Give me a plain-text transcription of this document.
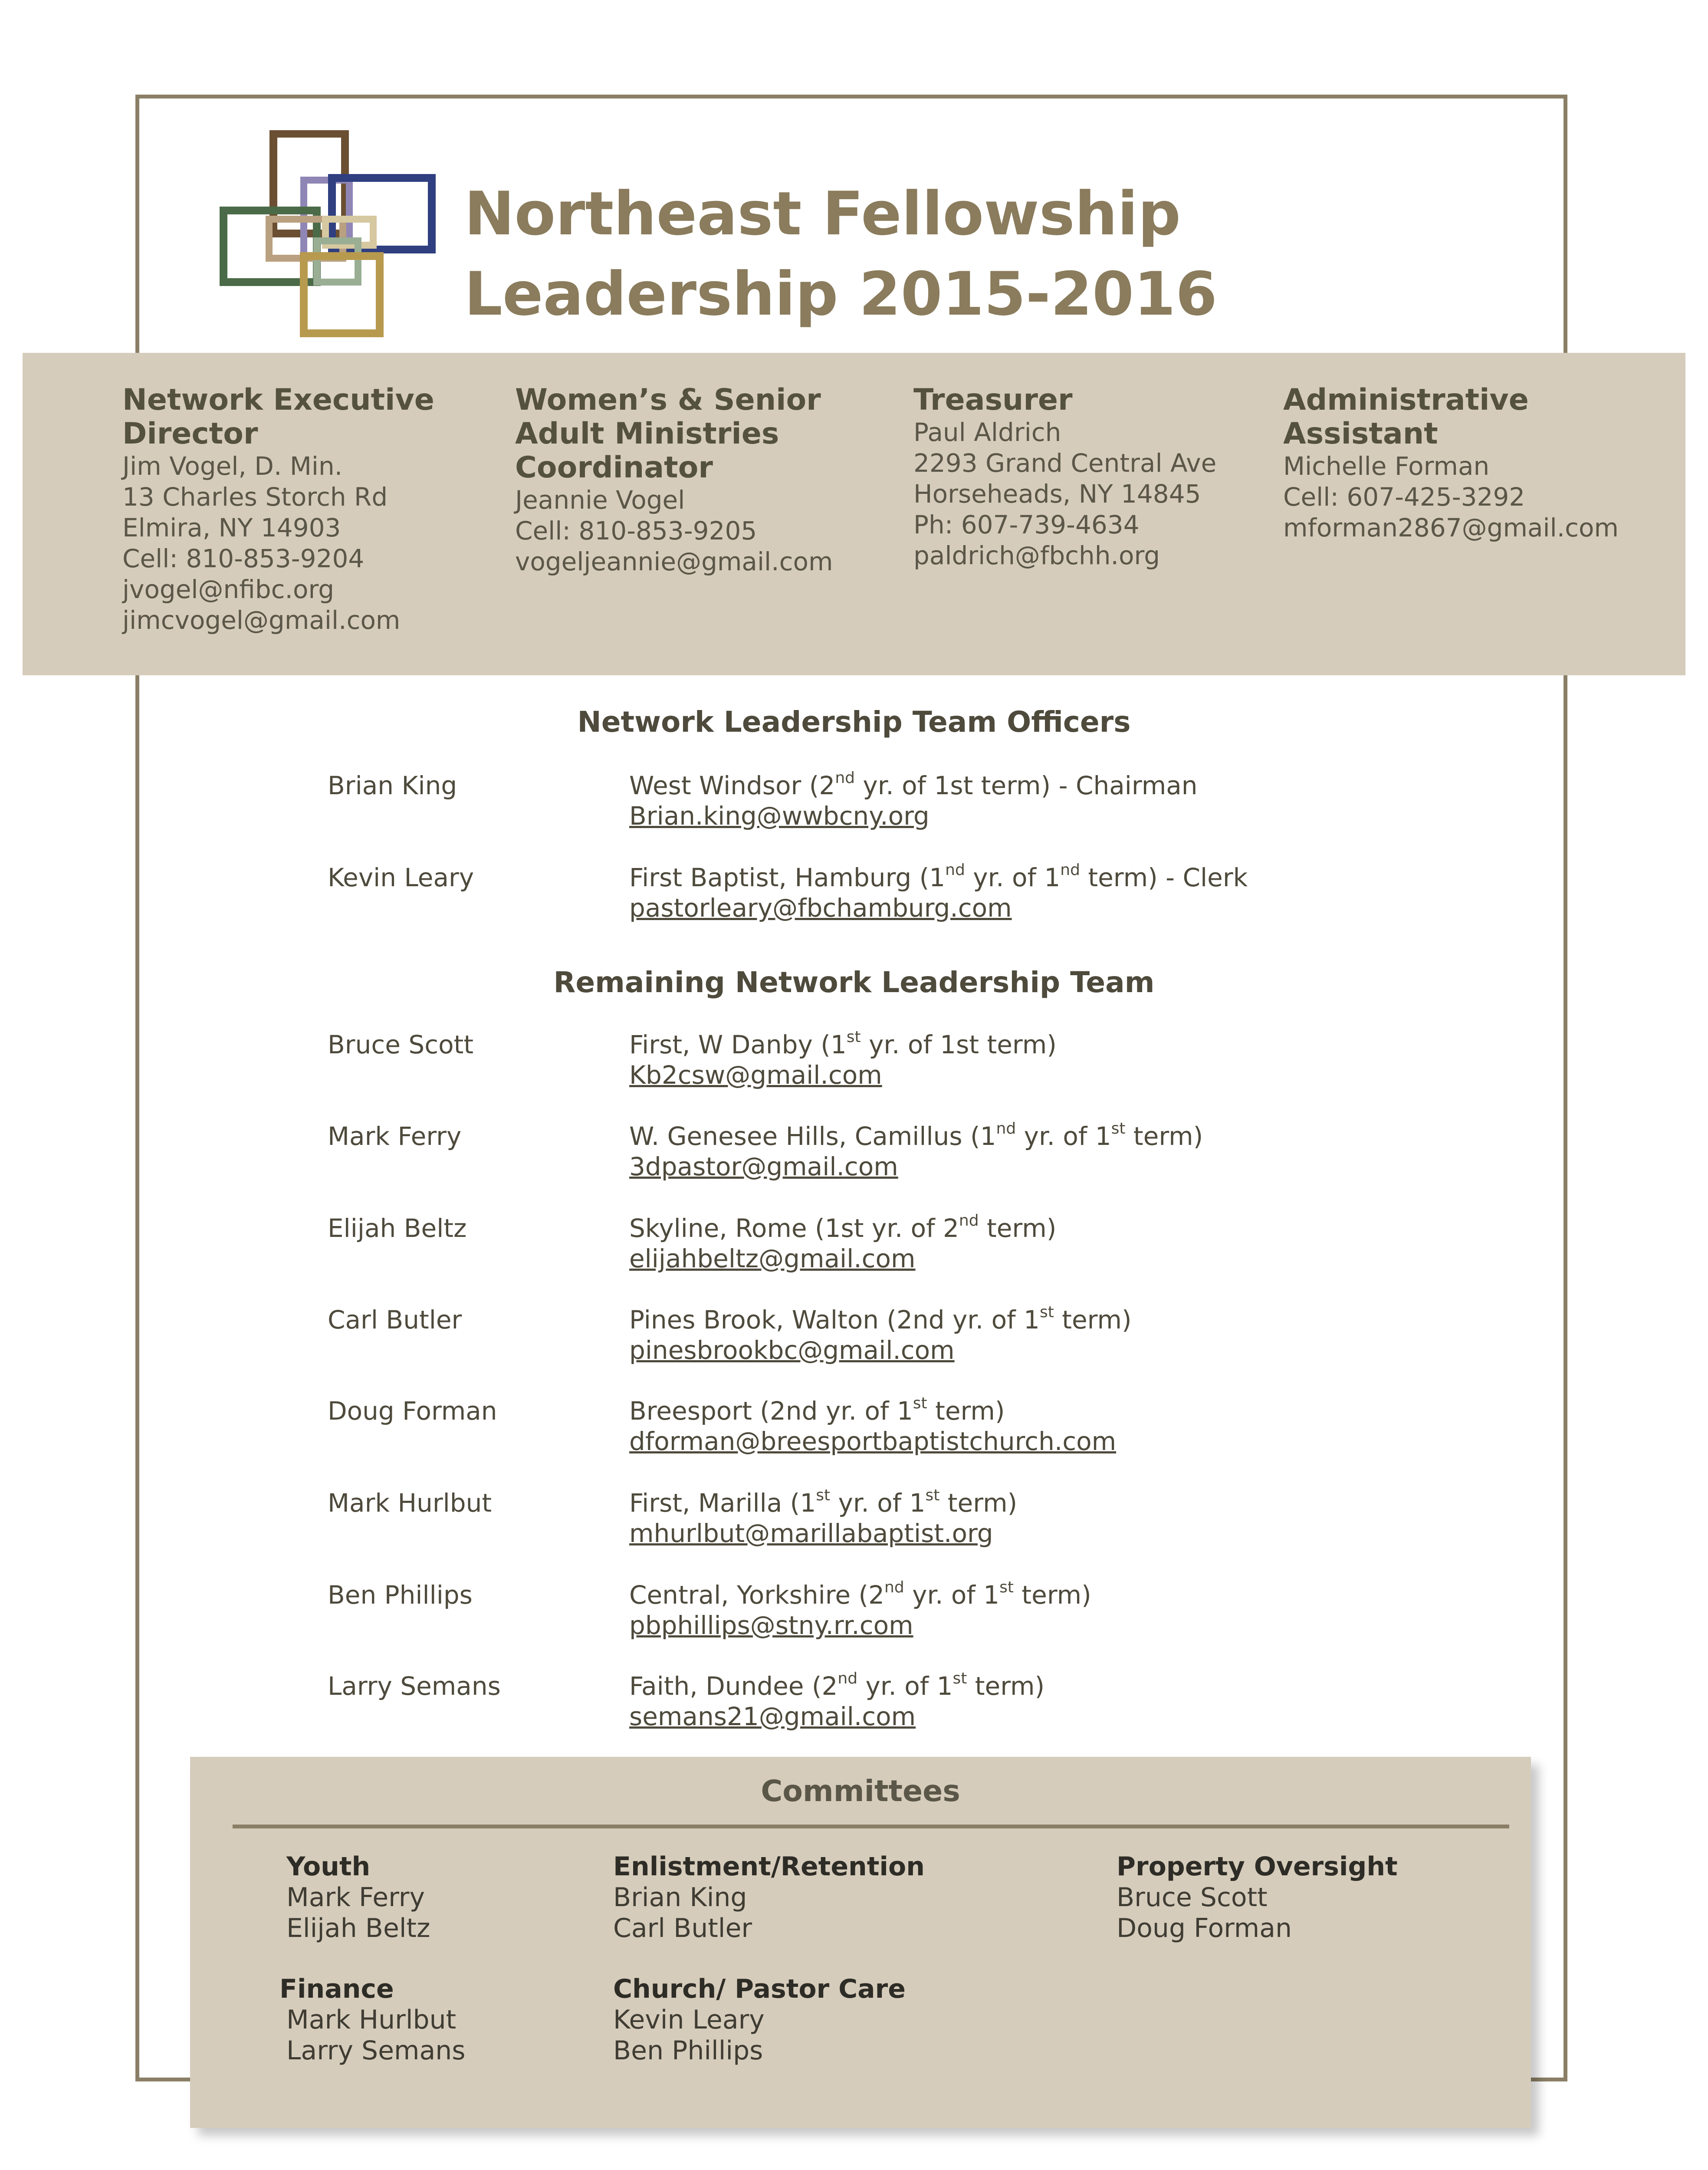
Northeast Fellowship
Leadership 2015-2016
Network Executive
Director
Jim Vogel, D. Min.
13 Charles Storch Rd
Elmira, NY 14903
Cell: 810-853-9204
jvogel@nfibc.org
jimcvogel@gmail.com
Women’s & Senior
Adult Ministries
Coordinator
Jeannie Vogel
Cell: 810-853-9205
vogeljeannie@gmail.com
Treasurer
Paul Aldrich
2293 Grand Central Ave
Horseheads, NY 14845
Ph: 607-739-4634
paldrich@fbchh.org
Administrative
Assistant
Michelle Forman
Cell: 607-425-3292
mforman2867@gmail.com
Network Leadership Team Officers
Brian King	West Windsor (2nd yr. of 1st term) - Chairman
Brian.king@wwbcny.org
Kevin Leary	First Baptist, Hamburg (1nd yr. of 1nd term) - Clerk
pastorleary@fbchamburg.com
Remaining Network Leadership Team
Bruce Scott	First, W Danby (1st yr. of 1st term)
Kb2csw@gmail.com
Mark Ferry	W. Genesee Hills, Camillus (1nd yr. of 1st term)
3dpastor@gmail.com
Elijah Beltz	Skyline, Rome (1st yr. of 2nd term)
elijahbeltz@gmail.com
Carl Butler	Pines Brook, Walton (2nd yr. of 1st term)
pinesbrookbc@gmail.com
Doug Forman	Breesport (2nd yr. of 1st term)
dforman@breesportbaptistchurch.com
Mark Hurlbut	First, Marilla (1st yr. of 1st term)
mhurlbut@marillabaptist.org
Ben Phillips	Central, Yorkshire (2nd yr. of 1st term)
pbphillips@stny.rr.com
Larry Semans	Faith, Dundee (2nd yr. of 1st term)
semans21@gmail.com
Committees
Youth
Mark Ferry
Elijah Beltz
Enlistment/Retention
Brian King
Carl Butler
Property Oversight
Bruce Scott
Doug Forman
Finance
Mark Hurlbut
Larry Semans
Church/ Pastor Care
Kevin Leary
Ben Phillips
